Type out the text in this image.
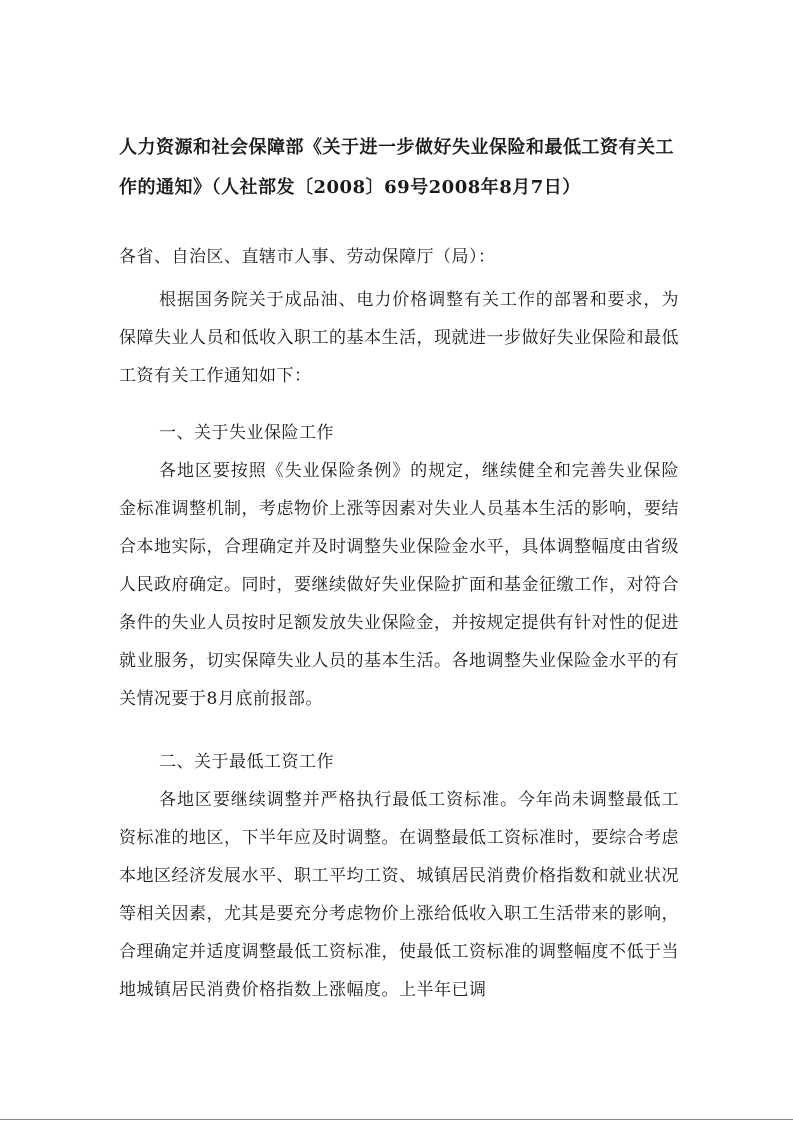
人力资源和社会保障部《关于进一步做好失业保险和最低工资有关工作的通知》（人社部发〔2008〕69号2008年8月7日）
各省、自治区、直辖市人事、劳动保障厅（局）：
根据国务院关于成品油、电力价格调整有关工作的部署和要求，为保障失业人员和低收入职工的基本生活，现就进一步做好失业保险和最低工资有关工作通知如下：
一、关于失业保险工作
各地区要按照《失业保险条例》的规定，继续健全和完善失业保险金标准调整机制，考虑物价上涨等因素对失业人员基本生活的影响，要结合本地实际，合理确定并及时调整失业保险金水平，具体调整幅度由省级人民政府确定。同时，要继续做好失业保险扩面和基金征缴工作，对符合条件的失业人员按时足额发放失业保险金，并按规定提供有针对性的促进就业服务，切实保障失业人员的基本生活。各地调整失业保险金水平的有关情况要于8月底前报部。
二、关于最低工资工作
各地区要继续调整并严格执行最低工资标准。今年尚未调整最低工资标准的地区，下半年应及时调整。在调整最低工资标准时，要综合考虑本地区经济发展水平、职工平均工资、城镇居民消费价格指数和就业状况等相关因素，尤其是要充分考虑物价上涨给低收入职工生活带来的影响，合理确定并适度调整最低工资标准，使最低工资标准的调整幅度不低于当地城镇居民消费价格指数上涨幅度。上半年已调
